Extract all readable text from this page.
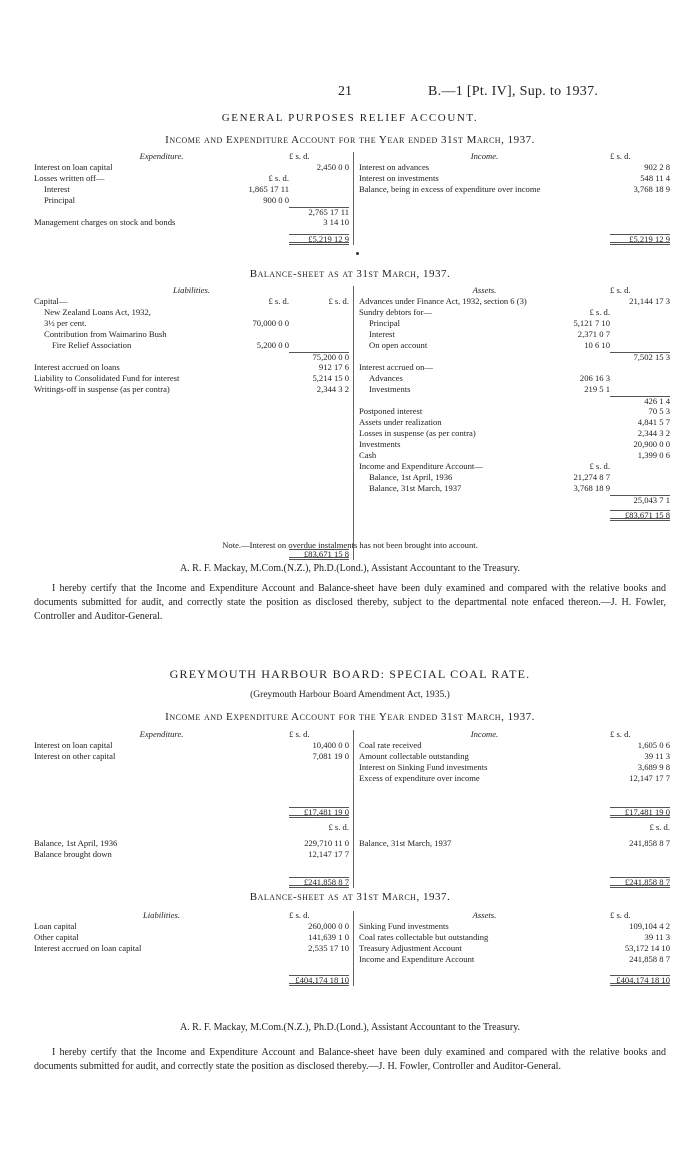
21	B.—1 [Pt. IV], Sup. to 1937.
GENERAL PURPOSES RELIEF ACCOUNT.
Income and Expenditure Account for the Year ended 31st March, 1937.
Expenditure.	£ s. d.
Interest on loan capital	2,450 0 0
Losses written off—	£ s. d.
Interest	1,865 17 11
Principal	900 0 0
2,765 17 11
Management charges on stock and bonds	3 14 10
£5,219 12 9
Income.	£ s. d.
Interest on advances	902 2 8
Interest on investments	548 11 4
Balance, being in excess of expenditure over income	3,768 18 9
£5,219 12 9
Balance-sheet as at 31st March, 1937.
Liabilities.
Capital—	£ s. d.	£ s. d.
New Zealand Loans Act, 1932,
3½ per cent.	70,000 0 0
Contribution from Waimarino Bush
Fire Relief Association	5,200 0 0
75,200 0 0
Interest accrued on loans	912 17 6
Liability to Consolidated Fund for interest	5,214 15 0
Writings-off in suspense (as per contra)	2,344 3 2
£83,671 15 8
Assets.	£ s. d.
Advances under Finance Act, 1932, section 6 (3)	21,144 17 3
Sundry debtors for—	£ s. d.
Principal	5,121 7 10
Interest	2,371 0 7
On open account	10 6 10
7,502 15 3
Interest accrued on—
Advances	206 16 3
Investments	219 5 1
426 1 4
Postponed interest	70 5 3
Assets under realization	4,841 5 7
Losses in suspense (as per contra)	2,344 3 2
Investments	20,900 0 0
Cash	1,399 0 6
Income and Expenditure Account—	£ s. d.
Balance, 1st April, 1936	21,274 8 7
Balance, 31st March, 1937	3,768 18 9
25,043 7 1
£83,671 15 8
Note.—Interest on overdue instalments has not been brought into account.
A. R. F. Mackay, M.Com.(N.Z.), Ph.D.(Lond.), Assistant Accountant to the Treasury.
I hereby certify that the Income and Expenditure Account and Balance-sheet have been duly examined and compared with the relative books and documents submitted for audit, and correctly state the position as disclosed thereby, subject to the departmental note enfaced thereon.—J. H. Fowler, Controller and Auditor-General.
GREYMOUTH HARBOUR BOARD: SPECIAL COAL RATE.
(Greymouth Harbour Board Amendment Act, 1935.)
Income and Expenditure Account for the Year ended 31st March, 1937.
Expenditure.	£ s. d.
Interest on loan capital	10,400 0 0
Interest on other capital	7,081 19 0
£17,481 19 0
£ s. d.
Balance, 1st April, 1936	229,710 11 0
Balance brought down	12,147 17 7
£241,858 8 7
Income.	£ s. d.
Coal rate received	1,605 0 6
Amount collectable outstanding	39 11 3
Interest on Sinking Fund investments	3,689 9 8
Excess of expenditure over income	12,147 17 7
£17,481 19 0
£ s. d.
Balance, 31st March, 1937	241,858 8 7
£241,858 8 7
Balance-sheet as at 31st March, 1937.
Liabilities.	£ s. d.
Loan capital	260,000 0 0
Other capital	141,639 1 0
Interest accrued on loan capital	2,535 17 10
£404,174 18 10
Assets.	£ s. d.
Sinking Fund investments	109,104 4 2
Coal rates collectable but outstanding	39 11 3
Treasury Adjustment Account	53,172 14 10
Income and Expenditure Account	241,858 8 7
£404,174 18 10
A. R. F. Mackay, M.Com.(N.Z.), Ph.D.(Lond.), Assistant Accountant to the Treasury.
I hereby certify that the Income and Expenditure Account and Balance-sheet have been duly examined and compared with the relative books and documents submitted for audit, and correctly state the position as disclosed thereby.—J. H. Fowler, Controller and Auditor-General.
